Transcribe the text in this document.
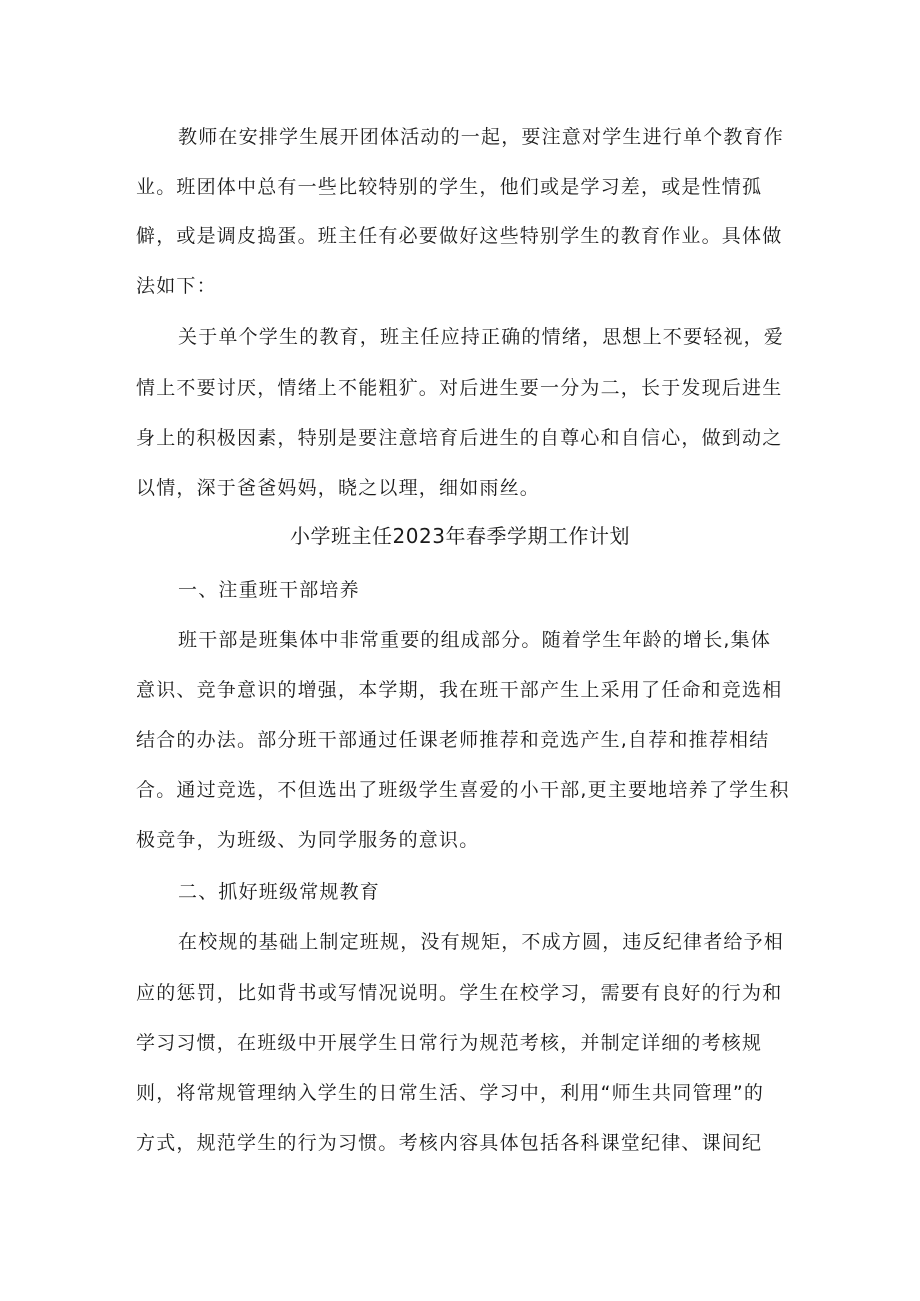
教师在安排学生展开团体活动的一起，要注意对学生进行单个教育作
业。班团体中总有一些比较特别的学生，他们或是学习差，或是性情孤
僻，或是调皮捣蛋。班主任有必要做好这些特别学生的教育作业。具体做
法如下：
关于单个学生的教育，班主任应持正确的情绪，思想上不要轻视，爱
情上不要讨厌，情绪上不能粗犷。对后进生要一分为二，长于发现后进生
身上的积极因素，特别是要注意培育后进生的自尊心和自信心，做到动之
以情，深于爸爸妈妈，晓之以理，细如雨丝。
小学班主任2023年春季学期工作计划
一、注重班干部培养
班干部是班集体中非常重要的组成部分。随着学生年龄的增长,集体
意识、竞争意识的增强，本学期，我在班干部产生上采用了任命和竞选相
结合的办法。部分班干部通过任课老师推荐和竞选产生,自荐和推荐相结
合。通过竞选，不但选出了班级学生喜爱的小干部,更主要地培养了学生积
极竞争，为班级、为同学服务的意识。
二、抓好班级常规教育
在校规的基础上制定班规，没有规矩，不成方圆，违反纪律者给予相
应的惩罚，比如背书或写情况说明。学生在校学习，需要有良好的行为和
学习习惯，在班级中开展学生日常行为规范考核，并制定详细的考核规
则，将常规管理纳入学生的日常生活、学习中，利用“师生共同管理”的
方式，规范学生的行为习惯。考核内容具体包括各科课堂纪律、课间纪
